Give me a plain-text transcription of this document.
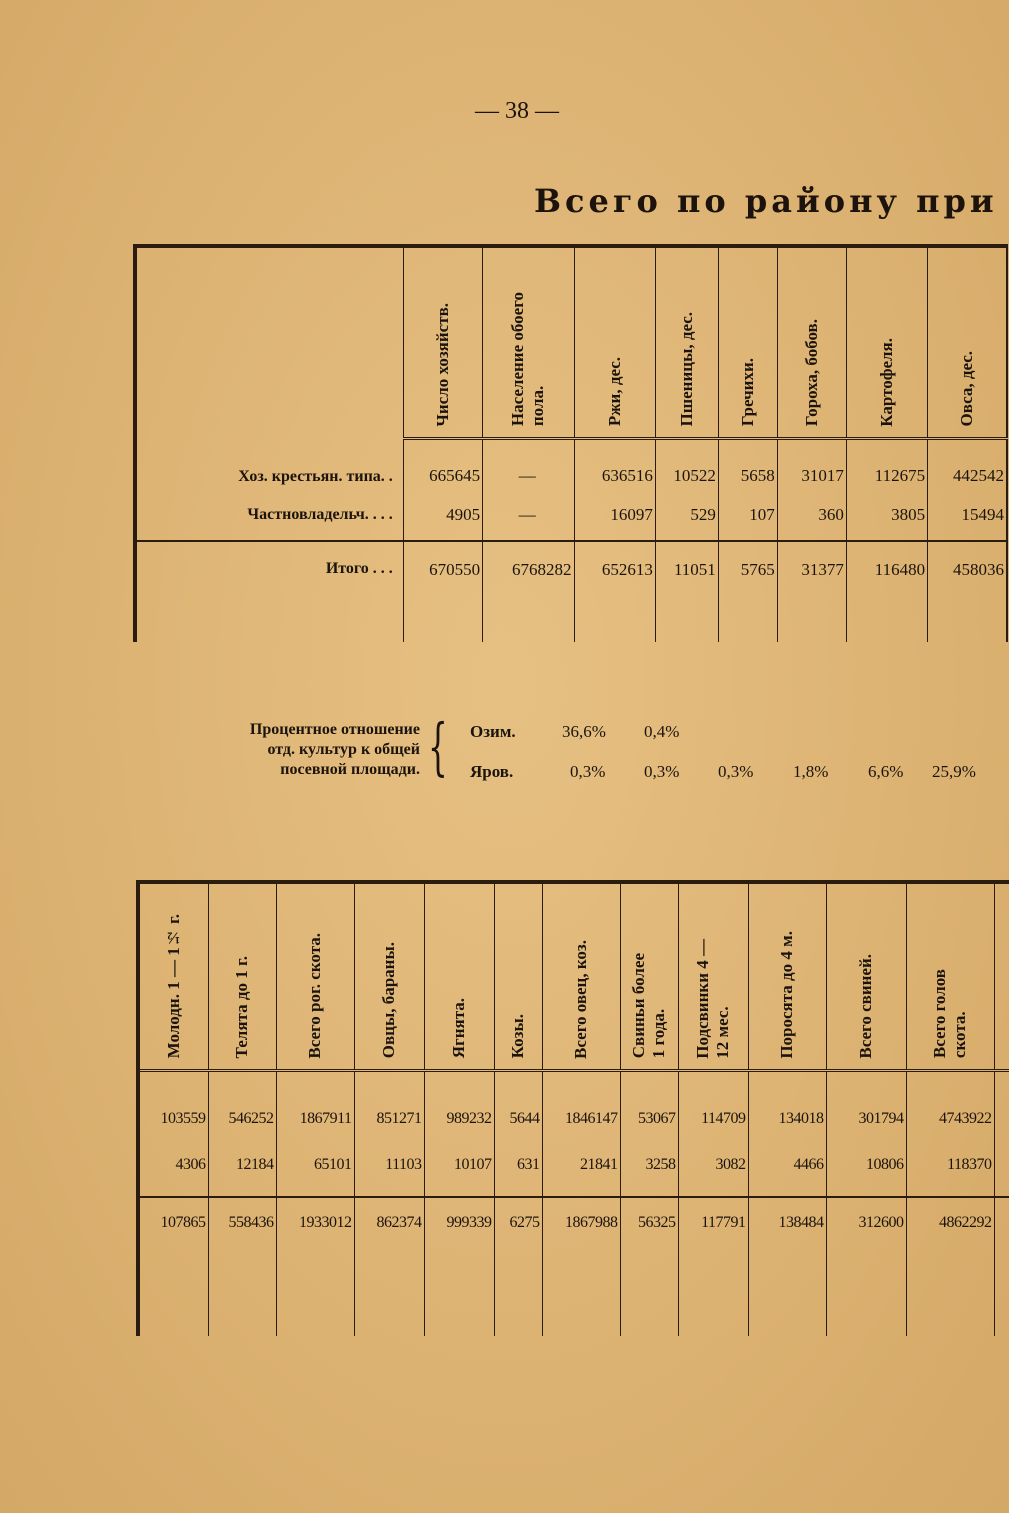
— 38 —
Всего по району при

	Число хозяйств.	Население обоего
пола.	Ржи, дес.	Пшеницы, дес.	Гречихи.	Гороха, бобов.	Картофеля.	Овса, дес.

Хоз. крестьян. типа. .	665645	—	636516	10522	5658	31017	112675	442542
Частновладельч. . . .	4905	—	16097	529	107	360	3805	15494
Итого . . .	670550	6768282	652613	11051	5765	31377	116480	458036
Процентное отношение
отд. культур к общей
посевной площади. { Озим.	36,6% 0,4%
Яров.	0,3% 0,3% 0,3% 1,8% 6,6% 25,9%
Молодн. 1 — 1½ г.	Телята до 1 г.	Всего рог. скота.	Овцы, бараны.	Ягнята.	Козы.	Всего овец, коз.	Свиньи более
1 года.	Подсвинки 4 —
12 мес.	Поросята до 4 м.	Всего свиней.	Всего голов
скота.	

103559	546252	1867911	851271	989232	5644	1846147	53067	114709	134018	301794	4743922	
4306	12184	65101	11103	10107	631	21841	3258	3082	4466	10806	118370	
107865	558436	1933012	862374	999339	6275	1867988	56325	117791	138484	312600	4862292	
